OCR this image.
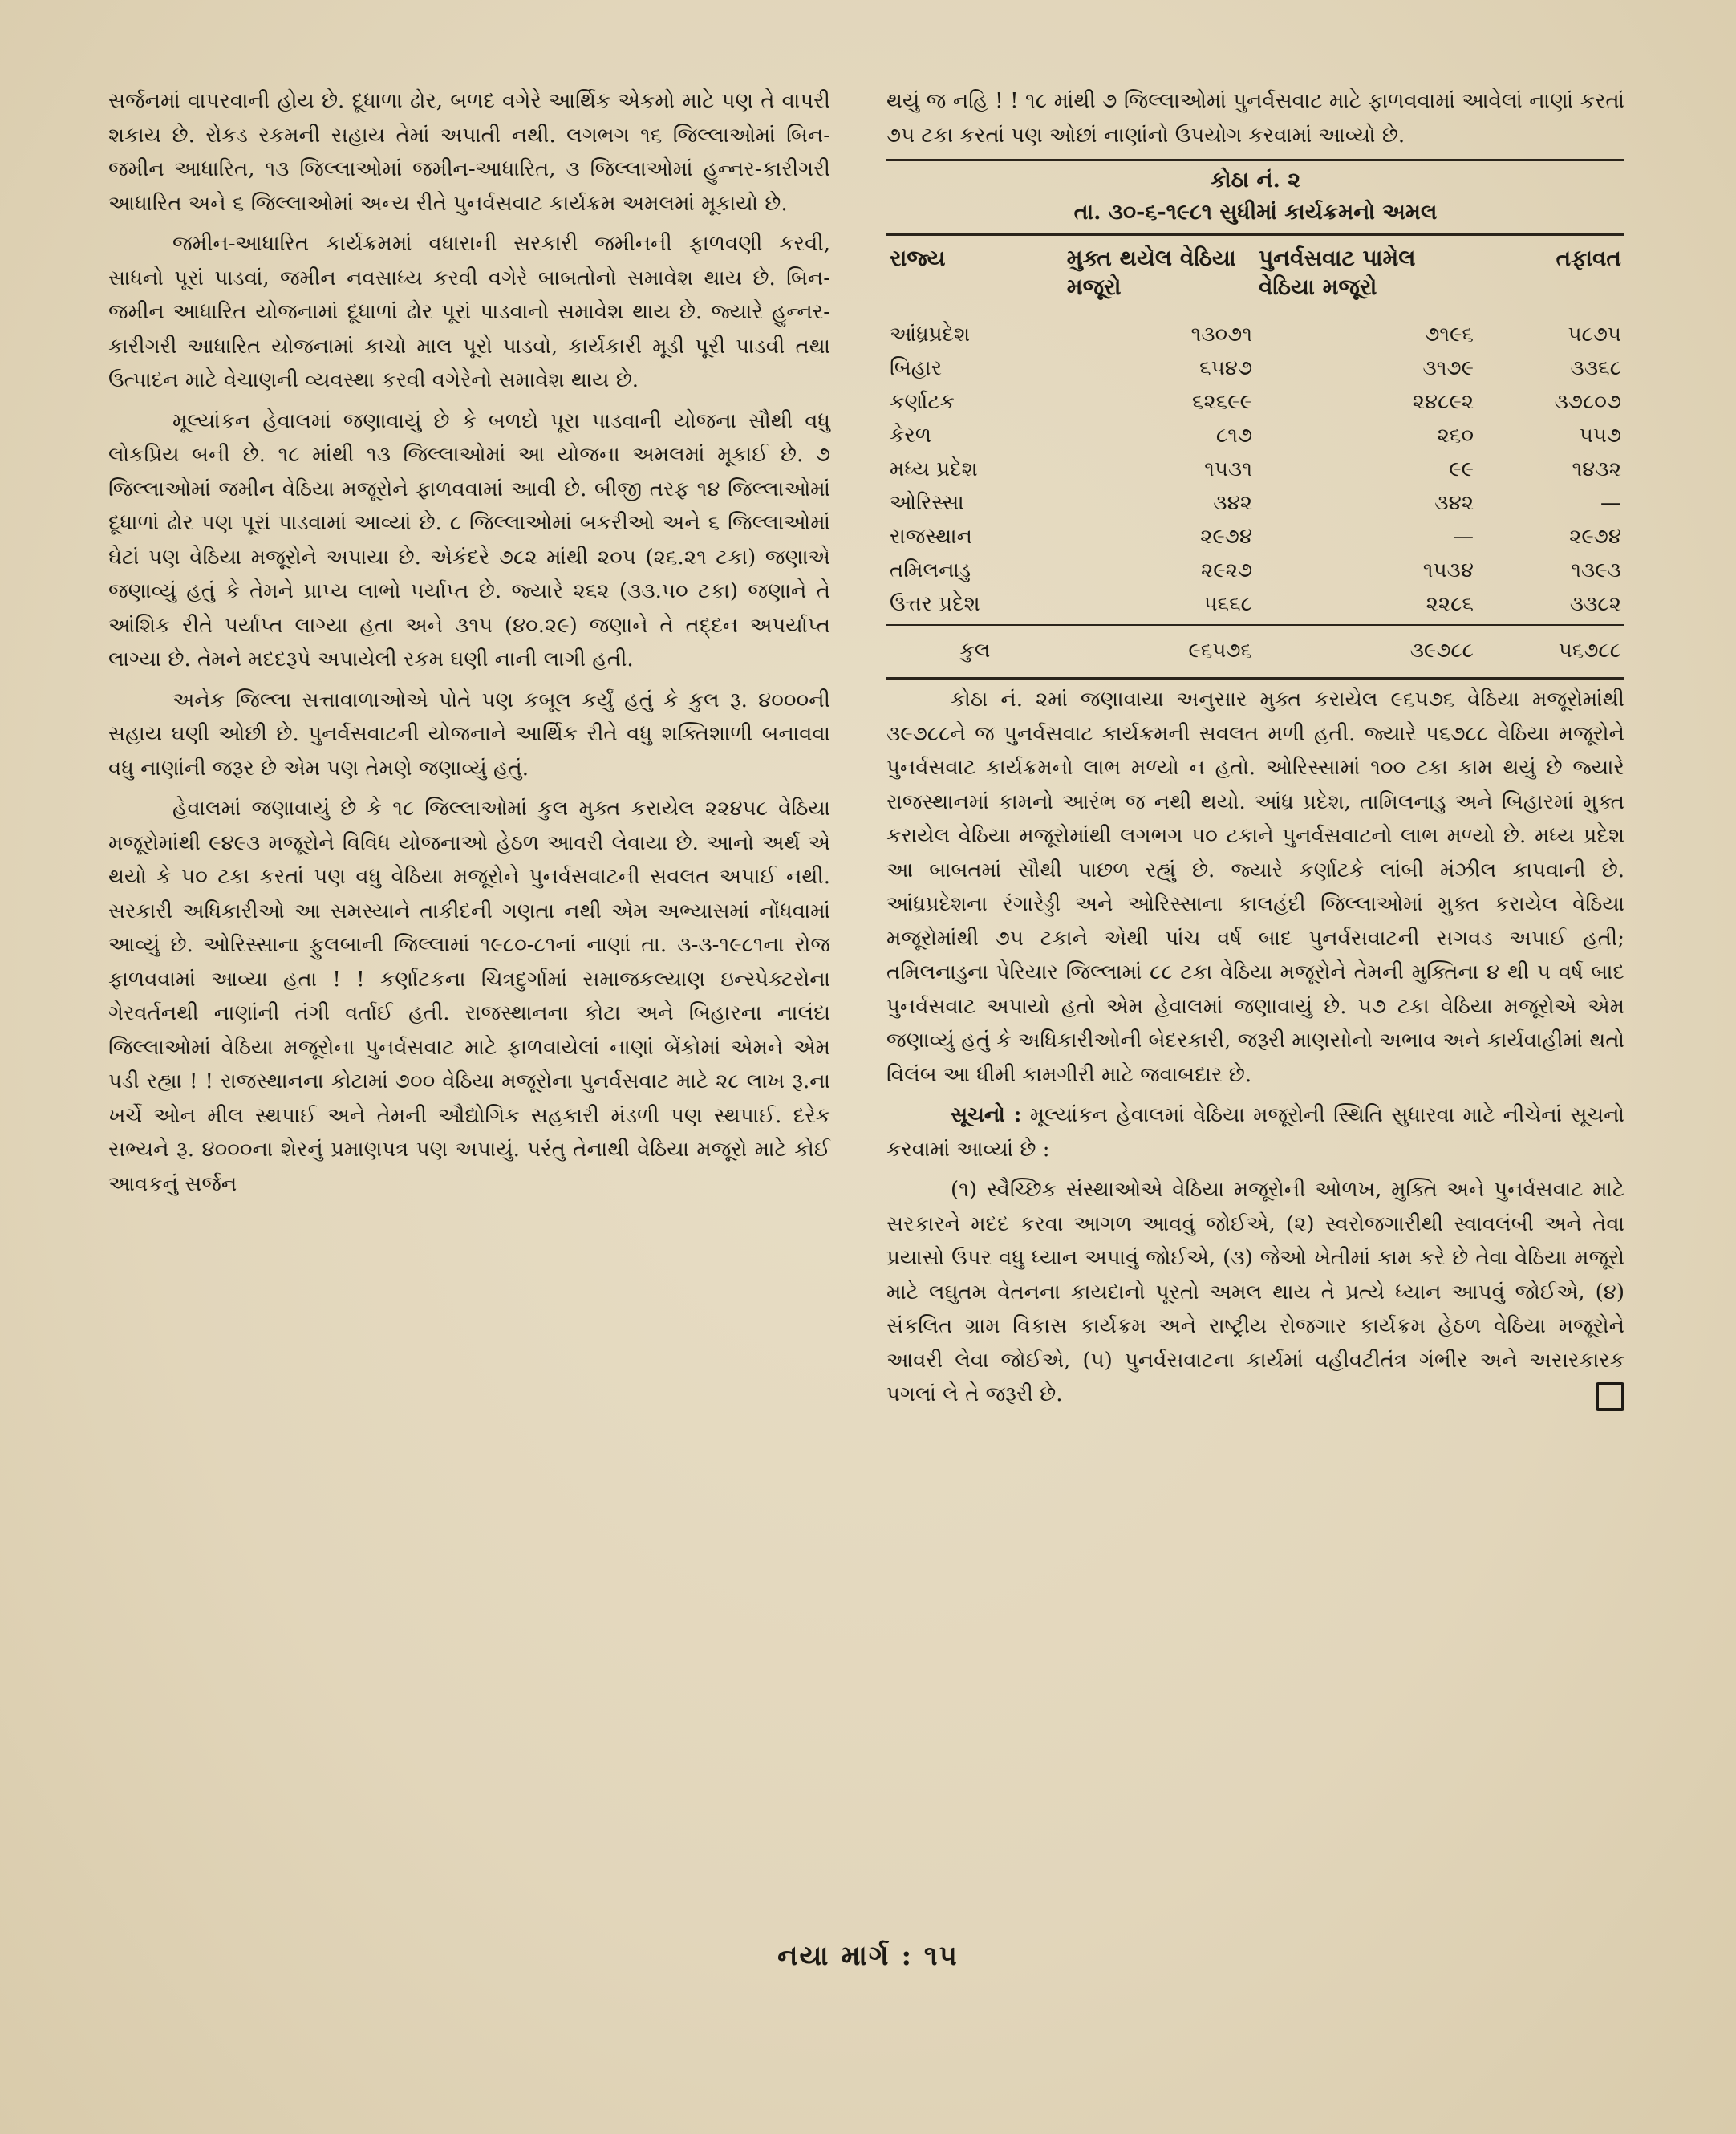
સર્જનમાં વાપરવાની હોય છે. દૂધાળા ઢોર, બળદ વગેરે આર્થિક એકમો માટે પણ તે વાપરી શકાય છે. રોકડ રકમની સહાય તેમાં અપાતી નથી. લગભગ ૧૬ જિલ્લાઓમાં બિન-જમીન આધારિત, ૧૩ જિલ્લાઓમાં જમીન-આધારિત, ૩ જિલ્લાઓમાં હુન્નર-કારીગરી આધારિત અને ૬ જિલ્લાઓમાં અન્ય રીતે પુનર્વસવાટ કાર્યક્રમ અમલમાં મૂકાયો છે.

જમીન-આધારિત કાર્યક્રમમાં વધારાની સરકારી જમીનની ફાળવણી કરવી, સાધનો પૂરાં પાડવાં, જમીન નવસાધ્ય કરવી વગેરે બાબતોનો સમાવેશ થાય છે. બિન-જમીન આધારિત યોજનામાં દૂધાળાં ઢોર પૂરાં પાડવાનો સમાવેશ થાય છે. જ્યારે હુન્નર-કારીગરી આધારિત યોજનામાં કાચો માલ પૂરો પાડવો, કાર્યકારી મૂડી પૂરી પાડવી તથા ઉત્પાદન માટે વેચાણની વ્યવસ્થા કરવી વગેરેનો સમાવેશ થાય છે.

મૂલ્યાંકન હેવાલમાં જણાવાયું છે કે બળદો પૂરા પાડવાની યોજના સૌથી વધુ લોકપ્રિય બની છે. ૧૮ માંથી ૧૩ જિલ્લાઓમાં આ યોજના અમલમાં મૂકાઈ છે. ૭ જિલ્લાઓમાં જમીન વેઠિયા મજૂરોને ફાળવવામાં આવી છે. બીજી તરફ ૧૪ જિલ્લાઓમાં દૂધાળાં ઢોર પણ પૂરાં પાડવામાં આવ્યાં છે. ૮ જિલ્લાઓમાં બકરીઓ અને ૬ જિલ્લાઓમાં ઘેટાં પણ વેઠિયા મજૂરોને અપાયા છે. એકંદરે ૭૮૨ માંથી ૨૦૫ (૨૬.૨૧ ટકા) જણાએ જણાવ્યું હતું કે તેમને પ્રાપ્ય લાભો પર્યાપ્ત છે. જ્યારે ૨૬૨ (૩૩.૫૦ ટકા) જણાને તે આંશિક રીતે પર્યાપ્ત લાગ્યા હતા અને ૩૧૫ (૪૦.૨૯) જણાને તે તદ્દન અપર્યાપ્ત લાગ્યા છે. તેમને મદદરૂપે અપાયેલી રકમ ઘણી નાની લાગી હતી.

અનેક જિલ્લા સત્તાવાળાઓએ પોતે પણ કબૂલ કર્યું હતું કે કુલ રૂ. ૪૦૦૦ની સહાય ઘણી ઓછી છે. પુનર્વસવાટની યોજનાને આર્થિક રીતે વધુ શક્તિશાળી બનાવવા વધુ નાણાંની જરૂર છે એમ પણ તેમણે જણાવ્યું હતું.

હેવાલમાં જણાવાયું છે કે ૧૮ જિલ્લાઓમાં કુલ મુક્ત કરાયેલ ૨૨૪૫૮ વેઠિયા મજૂરોમાંથી ૯૪૯૩ મજૂરોને વિવિધ યોજનાઓ હેઠળ આવરી લેવાયા છે. આનો અર્થ એ થયો કે ૫૦ ટકા કરતાં પણ વધુ વેઠિયા મજૂરોને પુનર્વસવાટની સવલત અપાઈ નથી. સરકારી અધિકારીઓ આ સમસ્યાને તાકીદની ગણતા નથી એમ અભ્યાસમાં નોંધવામાં આવ્યું છે. ઓરિસ્સાના ફુલબાની જિલ્લામાં ૧૯૮૦-૮૧નાં નાણાં તા. ૩-૩-૧૯૮૧ના રોજ ફાળવવામાં આવ્યા હતા ! ! કર્ણાટકના ચિત્રદુર્ગામાં સમાજકલ્યાણ ઇન્સ્પેક્ટરોના ગેરવર્તનથી નાણાંની તંગી વર્તાઈ હતી. રાજસ્થાનના કોટા અને બિહારના નાલંદા જિલ્લાઓમાં વેઠિયા મજૂરોના પુનર્વસવાટ માટે ફાળવાયેલાં નાણાં બેંકોમાં એમને એમ પડી રહ્યા ! ! રાજસ્થાનના કોટામાં ૭૦૦ વેઠિયા મજૂરોના પુનર્વસવાટ માટે ૨૮ લાખ રૂ.ના ખર્ચે ઓન મીલ સ્થપાઈ અને તેમની ઔદ્યોગિક સહકારી મંડળી પણ સ્થપાઈ. દરેક સભ્યને રૂ. ૪૦૦૦ના શેરનું પ્રમાણપત્ર પણ અપાયું. પરંતુ તેનાથી વેઠિયા મજૂરો માટે કોઈ આવકનું સર્જન

થયું જ નહિ ! ! ૧૮ માંથી ૭ જિલ્લાઓમાં પુનર્વસવાટ માટે ફાળવવામાં આવેલાં નાણાં કરતાં ૭૫ ટકા કરતાં પણ ઓછાં નાણાંનો ઉપયોગ કરવામાં આવ્યો છે.

કોઠા નં. ૨
તા. ૩૦-૬-૧૯૮૧ સુધીમાં કાર્યક્રમનો અમલ
રાજ્ય	મુક્ત થયેલ વેઠિયા મજૂરો	પુનર્વસવાટ પામેલ વેઠિયા મજૂરો	તફાવત
આંધ્રપ્રદેશ	૧૩૦૭૧	૭૧૯૬	૫૮૭૫
બિહાર	૬૫૪૭	૩૧૭૯	૩૩૬૮
કર્ણાટક	૬૨૬૯૯	૨૪૮૯૨	૩૭૮૦૭
કેરળ	૮૧૭	૨૬૦	૫૫૭
મધ્ય પ્રદેશ	૧૫૩૧	૯૯	૧૪૩૨
ઓરિસ્સા	૩૪૨	૩૪૨	—
રાજસ્થાન	૨૯૭૪	—	૨૯૭૪
તમિલનાડુ	૨૯૨૭	૧૫૩૪	૧૩૯૩
ઉત્તર પ્રદેશ	૫૬૬૮	૨૨૮૬	૩૩૮૨
કુલ	૯૬૫૭૬	૩૯૭૮૮	૫૬૭૮૮

કોઠા નં. ૨માં જણાવાયા અનુસાર મુક્ત કરાયેલ ૯૬૫૭૬ વેઠિયા મજૂરોમાંથી ૩૯૭૮૮ને જ પુનર્વસવાટ કાર્યક્રમની સવલત મળી હતી. જ્યારે ૫૬૭૮૮ વેઠિયા મજૂરોને પુનર્વસવાટ કાર્યક્રમનો લાભ મળ્યો ન હતો. ઓરિસ્સામાં ૧૦૦ ટકા કામ થયું છે જ્યારે રાજસ્થાનમાં કામનો આરંભ જ નથી થયો. આંધ્ર પ્રદેશ, તામિલનાડુ અને બિહારમાં મુક્ત કરાયેલ વેઠિયા મજૂરોમાંથી લગભગ ૫૦ ટકાને પુનર્વસવાટનો લાભ મળ્યો છે. મધ્ય પ્રદેશ આ બાબતમાં સૌથી પાછળ રહ્યું છે. જ્યારે કર્ણાટકે લાંબી મંઝીલ કાપવાની છે. આંધ્રપ્રદેશના રંગારેડ્ડી અને ઓરિસ્સાના કાલહંદી જિલ્લાઓમાં મુક્ત કરાયેલ વેઠિયા મજૂરોમાંથી ૭૫ ટકાને એથી પાંચ વર્ષ બાદ પુનર્વસવાટની સગવડ અપાઈ હતી; તમિલનાડુના પેરિયાર જિલ્લામાં ૮૮ ટકા વેઠિયા મજૂરોને તેમની મુક્તિના ૪ થી ૫ વર્ષ બાદ પુનર્વસવાટ અપાયો હતો એમ હેવાલમાં જણાવાયું છે. ૫૭ ટકા વેઠિયા મજૂરોએ એમ જણાવ્યું હતું કે અધિકારીઓની બેદરકારી, જરૂરી માણસોનો અભાવ અને કાર્યવાહીમાં થતો વિલંબ આ ધીમી કામગીરી માટે જવાબદાર છે.

સૂચનો : મૂલ્યાંકન હેવાલમાં વેઠિયા મજૂરોની સ્થિતિ સુધારવા માટે નીચેનાં સૂચનો કરવામાં આવ્યાં છે :

(૧) સ્વૈચ્છિક સંસ્થાઓએ વેઠિયા મજૂરોની ઓળખ, મુક્તિ અને પુનર્વસવાટ માટે સરકારને મદદ કરવા આગળ આવવું જોઈએ, (૨) સ્વરોજગારીથી સ્વાવલંબી અને તેવા પ્રયાસો ઉપર વધુ ધ્યાન અપાવું જોઈએ, (૩) જેઓ ખેતીમાં કામ કરે છે તેવા વેઠિયા મજૂરો માટે લઘુતમ વેતનના કાયદાનો પૂરતો અમલ થાય તે પ્રત્યે ધ્યાન આપવું જોઈએ, (૪) સંકલિત ગ્રામ વિકાસ કાર્યક્રમ અને રાષ્ટ્રીય રોજગાર કાર્યક્રમ હેઠળ વેઠિયા મજૂરોને આવરી લેવા જોઈએ, (૫) પુનર્વસવાટના કાર્યમાં વહીવટીતંત્ર ગંભીર અને અસરકારક પગલાં લે તે જરૂરી છે.

નયા માર્ગ : ૧૫
